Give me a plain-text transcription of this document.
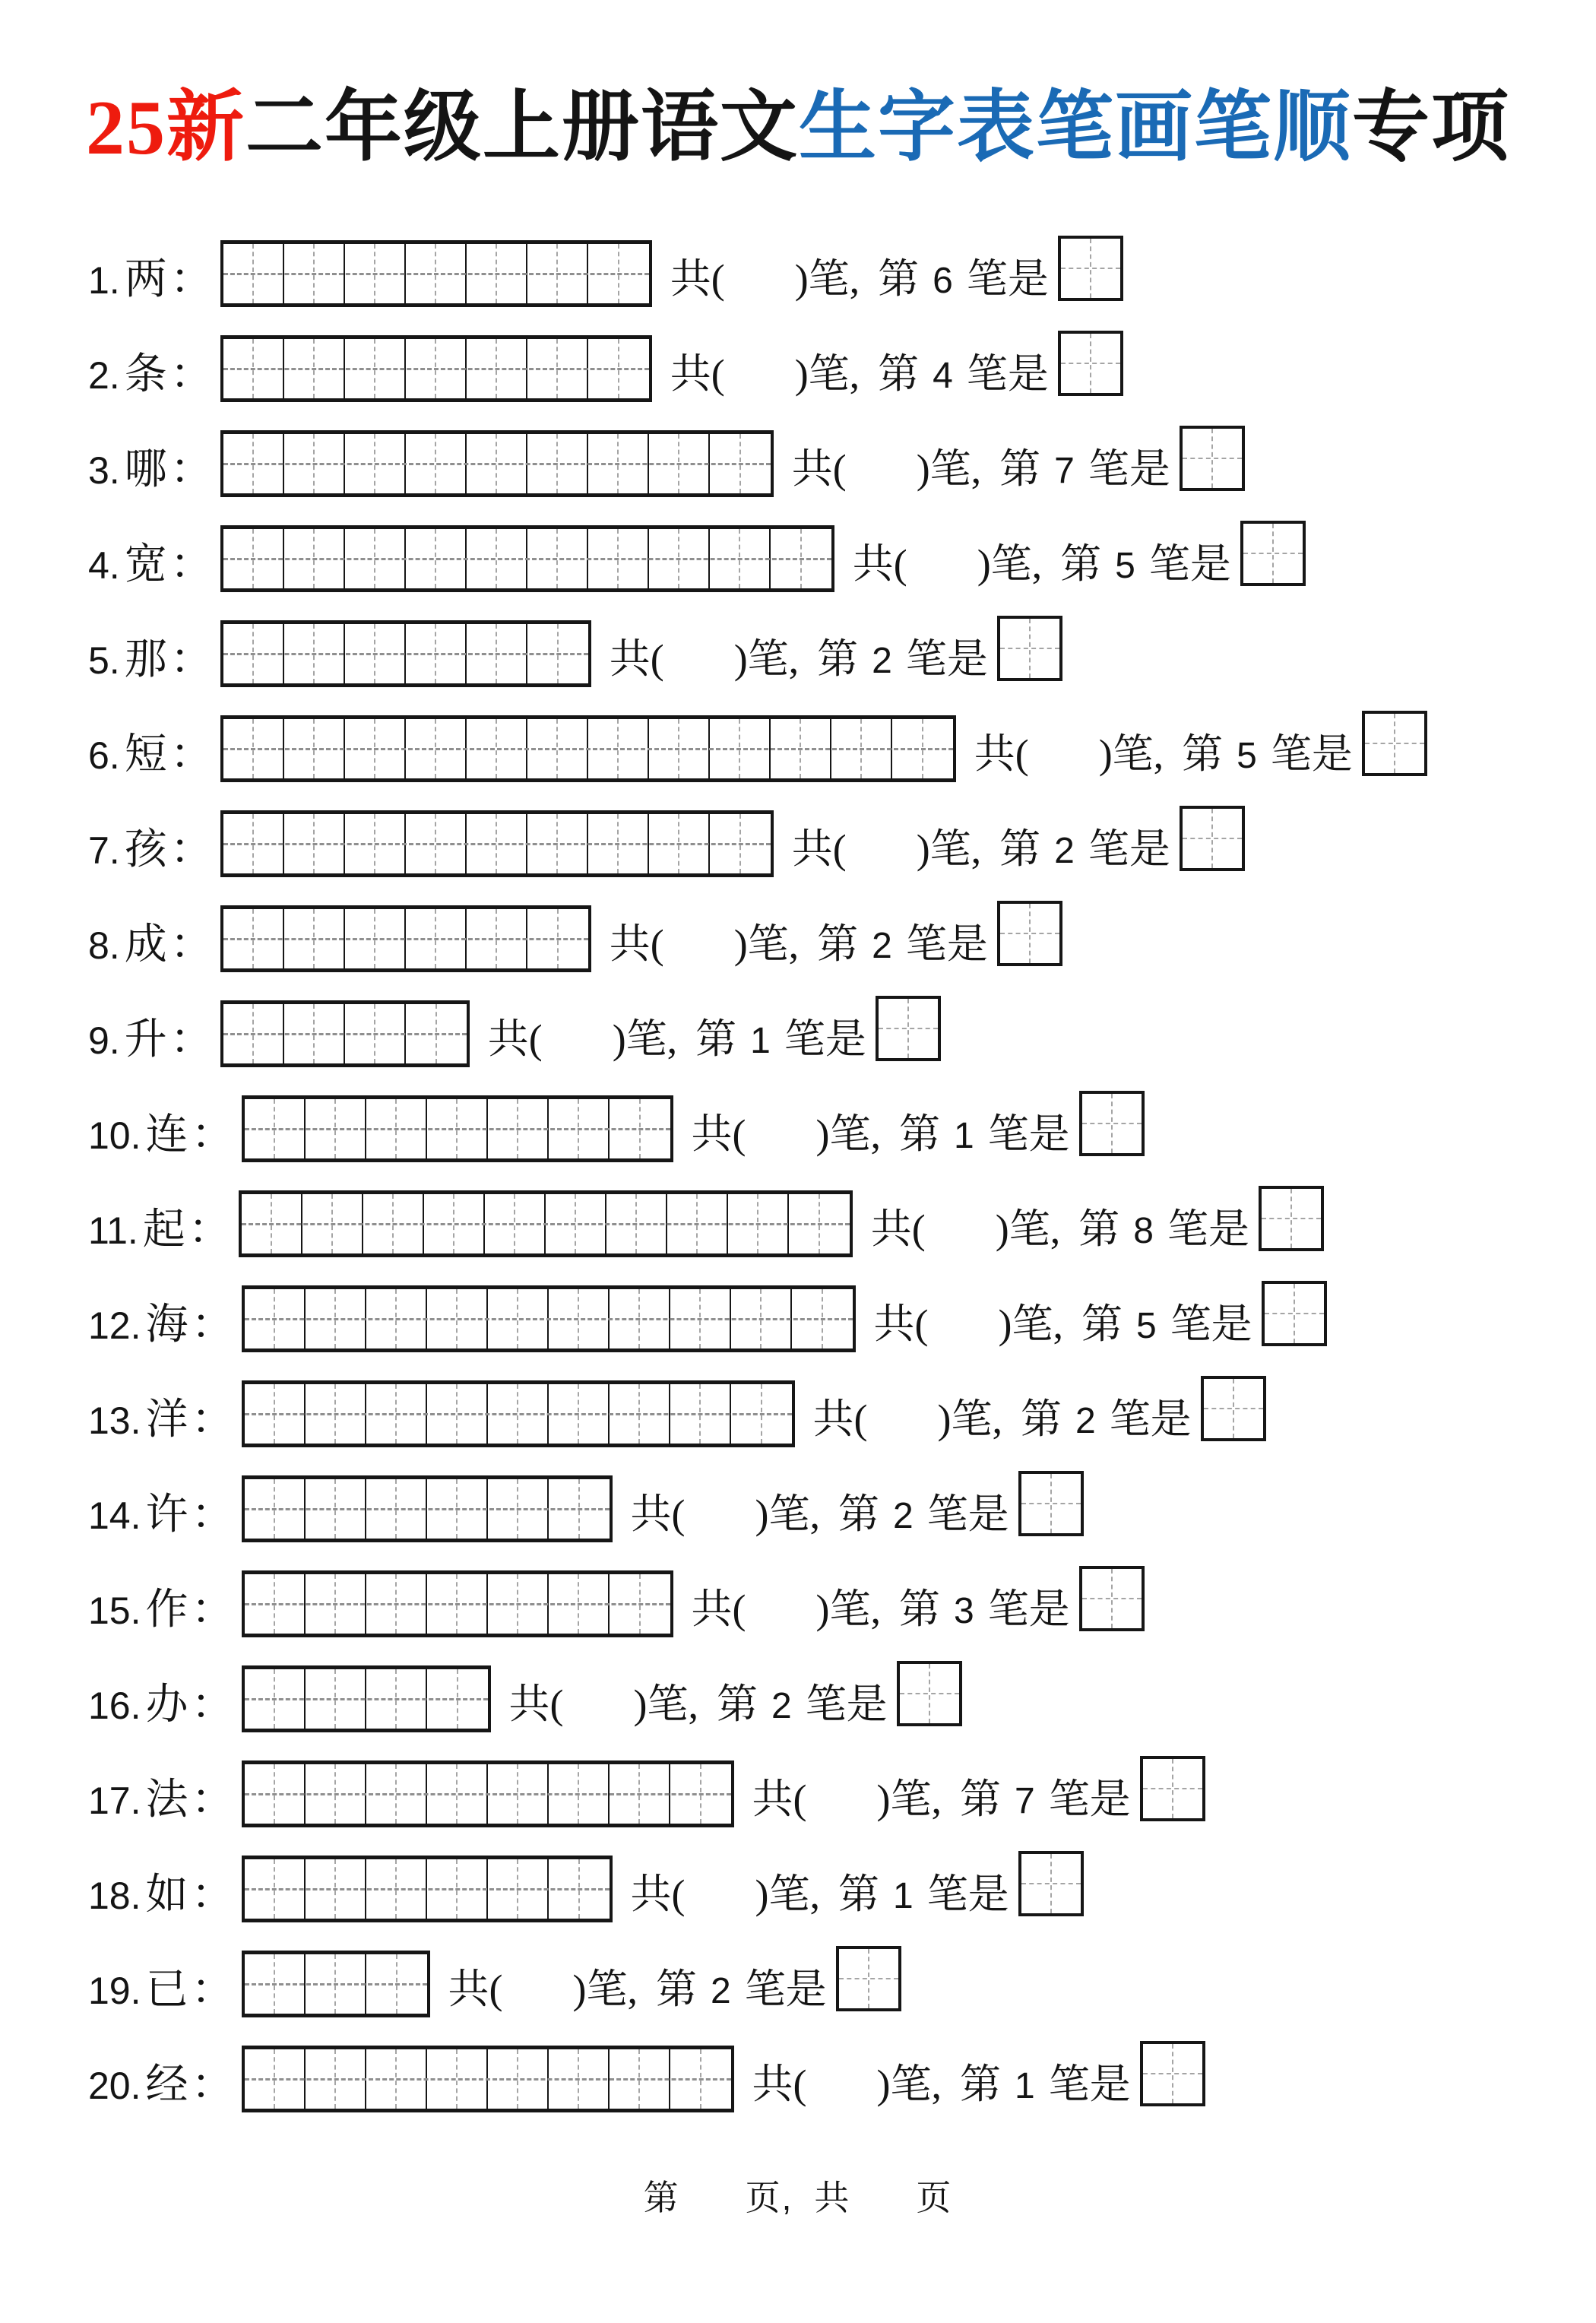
25新二年级上册语文生字表笔画笔顺专项
1. 两：	共( )笔, 第 6 笔是
2. 条：	共( )笔, 第 4 笔是
3. 哪：	共( )笔, 第 7 笔是
4. 宽：	共( )笔, 第 5 笔是
5. 那：	共( )笔, 第 2 笔是
6. 短：	共( )笔, 第 5 笔是
7. 孩：	共( )笔, 第 2 笔是
8. 成：	共( )笔, 第 2 笔是
9. 升：	共( )笔, 第 1 笔是
10. 连：	共( )笔, 第 1 笔是
11. 起：	共( )笔, 第 8 笔是
12. 海：	共( )笔, 第 5 笔是
13. 洋：	共( )笔, 第 2 笔是
14. 许：	共( )笔, 第 2 笔是
15. 作：	共( )笔, 第 3 笔是
16. 办：	共( )笔, 第 2 笔是
17. 法：	共( )笔, 第 7 笔是
18. 如：	共( )笔, 第 1 笔是
19. 已：	共( )笔, 第 2 笔是
20. 经：	共( )笔, 第 1 笔是
第 页, 共 页
